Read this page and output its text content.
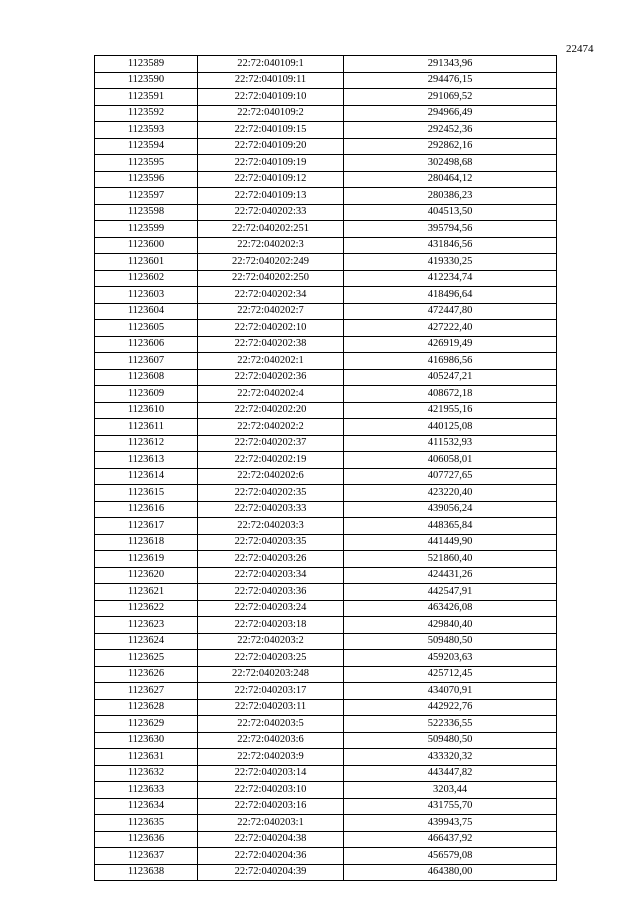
22474
1123589	22:72:040109:1	291343,96
1123590	22:72:040109:11	294476,15
1123591	22:72:040109:10	291069,52
1123592	22:72:040109:2	294966,49
1123593	22:72:040109:15	292452,36
1123594	22:72:040109:20	292862,16
1123595	22:72:040109:19	302498,68
1123596	22:72:040109:12	280464,12
1123597	22:72:040109:13	280386,23
1123598	22:72:040202:33	404513,50
1123599	22:72:040202:251	395794,56
1123600	22:72:040202:3	431846,56
1123601	22:72:040202:249	419330,25
1123602	22:72:040202:250	412234,74
1123603	22:72:040202:34	418496,64
1123604	22:72:040202:7	472447,80
1123605	22:72:040202:10	427222,40
1123606	22:72:040202:38	426919,49
1123607	22:72:040202:1	416986,56
1123608	22:72:040202:36	405247,21
1123609	22:72:040202:4	408672,18
1123610	22:72:040202:20	421955,16
1123611	22:72:040202:2	440125,08
1123612	22:72:040202:37	411532,93
1123613	22:72:040202:19	406058,01
1123614	22:72:040202:6	407727,65
1123615	22:72:040202:35	423220,40
1123616	22:72:040203:33	439056,24
1123617	22:72:040203:3	448365,84
1123618	22:72:040203:35	441449,90
1123619	22:72:040203:26	521860,40
1123620	22:72:040203:34	424431,26
1123621	22:72:040203:36	442547,91
1123622	22:72:040203:24	463426,08
1123623	22:72:040203:18	429840,40
1123624	22:72:040203:2	509480,50
1123625	22:72:040203:25	459203,63
1123626	22:72:040203:248	425712,45
1123627	22:72:040203:17	434070,91
1123628	22:72:040203:11	442922,76
1123629	22:72:040203:5	522336,55
1123630	22:72:040203:6	509480,50
1123631	22:72:040203:9	433320,32
1123632	22:72:040203:14	443447,82
1123633	22:72:040203:10	3203,44
1123634	22:72:040203:16	431755,70
1123635	22:72:040203:1	439943,75
1123636	22:72:040204:38	466437,92
1123637	22:72:040204:36	456579,08
1123638	22:72:040204:39	464380,00
